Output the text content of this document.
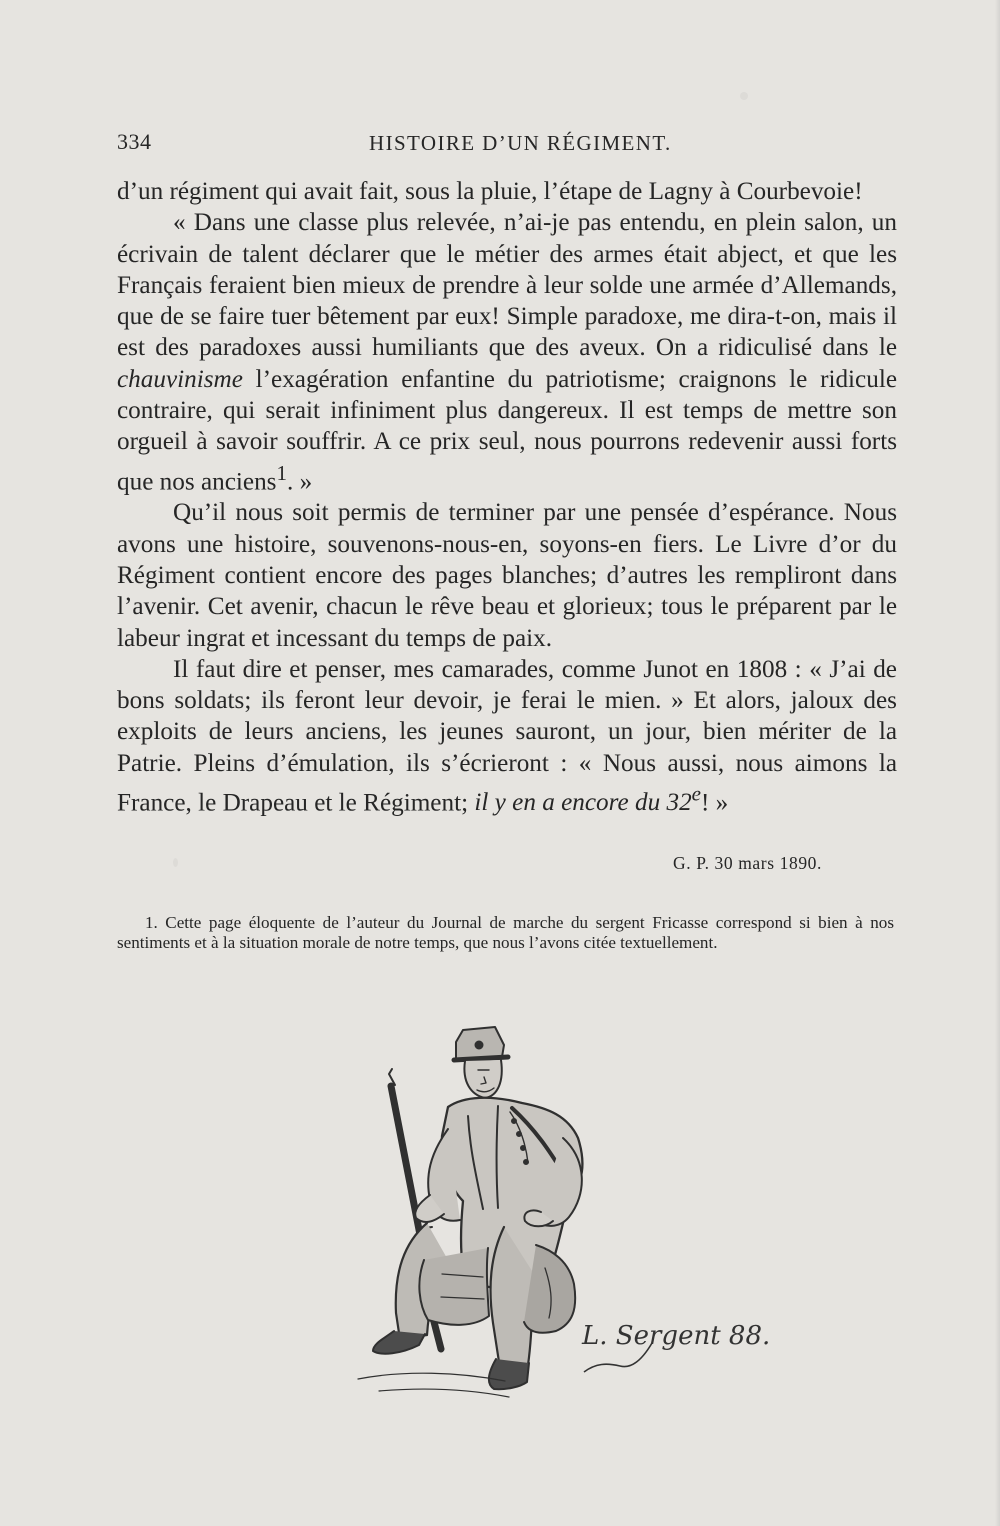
334	HISTOIRE D’UN RÉGIMENT.

d’un régiment qui avait fait, sous la pluie, l’étape de Lagny à Courbevoie!

« Dans une classe plus relevée, n’ai-je pas entendu, en plein salon, un écrivain de talent déclarer que le métier des armes était abject, et que les Français feraient bien mieux de prendre à leur solde une armée d’Allemands, que de se faire tuer bêtement par eux! Simple paradoxe, me dira-t-on, mais il est des paradoxes aussi humiliants que des aveux. On a ridiculisé dans le chauvinisme l’exagération enfantine du patriotisme; craignons le ridicule contraire, qui serait infiniment plus dangereux. Il est temps de mettre son orgueil à savoir souffrir. A ce prix seul, nous pourrons redevenir aussi forts que nos anciens$^1$. »

Qu’il nous soit permis de terminer par une pensée d’espérance. Nous avons une histoire, souvenons-nous-en, soyons-en fiers. Le Livre d’or du Régiment contient encore des pages blanches; d’autres les rempliront dans l’avenir. Cet avenir, chacun le rêve beau et glorieux; tous le préparent par le labeur ingrat et incessant du temps de paix.

Il faut dire et penser, mes camarades, comme Junot en 1808 : « J’ai de bons soldats; ils feront leur devoir, je ferai le mien. » Et alors, jaloux des exploits de leurs anciens, les jeunes sauront, un jour, bien mériter de la Patrie. Pleins d’émulation, ils s’écrieront : « Nous aussi, nous aimons la France, le Drapeau et le Régiment; il y en a encore du 32e! »

G. P. 30 mars 1890.

1. Cette page éloquente de l’auteur du Journal de marche du sergent Fricasse correspond si bien à nos sentiments et à la situation morale de notre temps, que nous l’avons citée textuellement.

L. Sergent 88.
